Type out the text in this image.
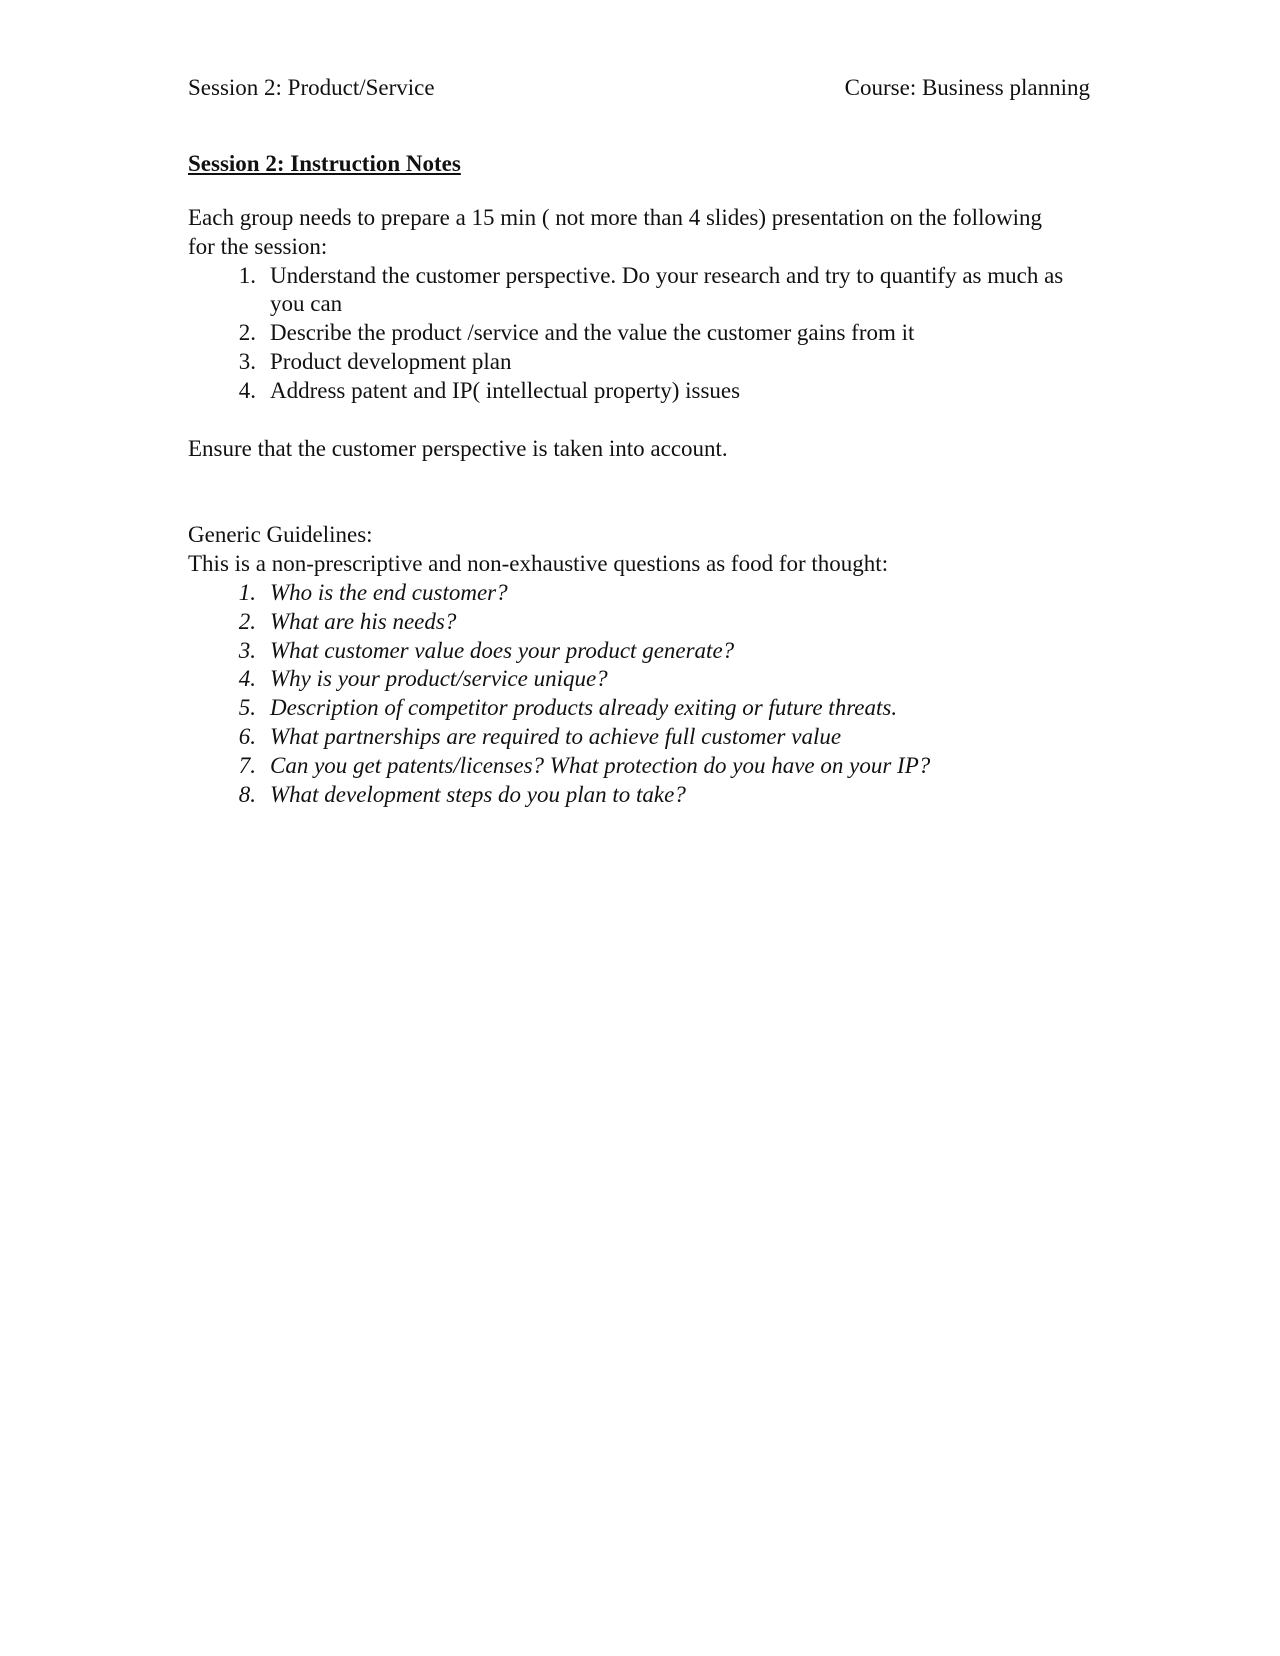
Session 2: Product/Service	Course: Business planning

Session 2: Instruction Notes

Each group needs to prepare a 15 min ( not more than 4 slides) presentation on the following for the session:

1. Understand the customer perspective. Do your research and try to quantify as much as you can
2. Describe the product /service and the value the customer gains from it
3. Product development plan
4. Address patent and IP( intellectual property) issues

Ensure that the customer perspective is taken into account.

Generic Guidelines:

This is a non-prescriptive and non-exhaustive questions as food for thought:

1. Who is the end customer?
2. What are his needs?
3. What customer value does your product generate?
4. Why is your product/service unique?
5. Description of competitor products already exiting or future threats.
6. What partnerships are required to achieve full customer value
7. Can you get patents/licenses? What protection do you have on your IP?
8. What development steps do you plan to take?
